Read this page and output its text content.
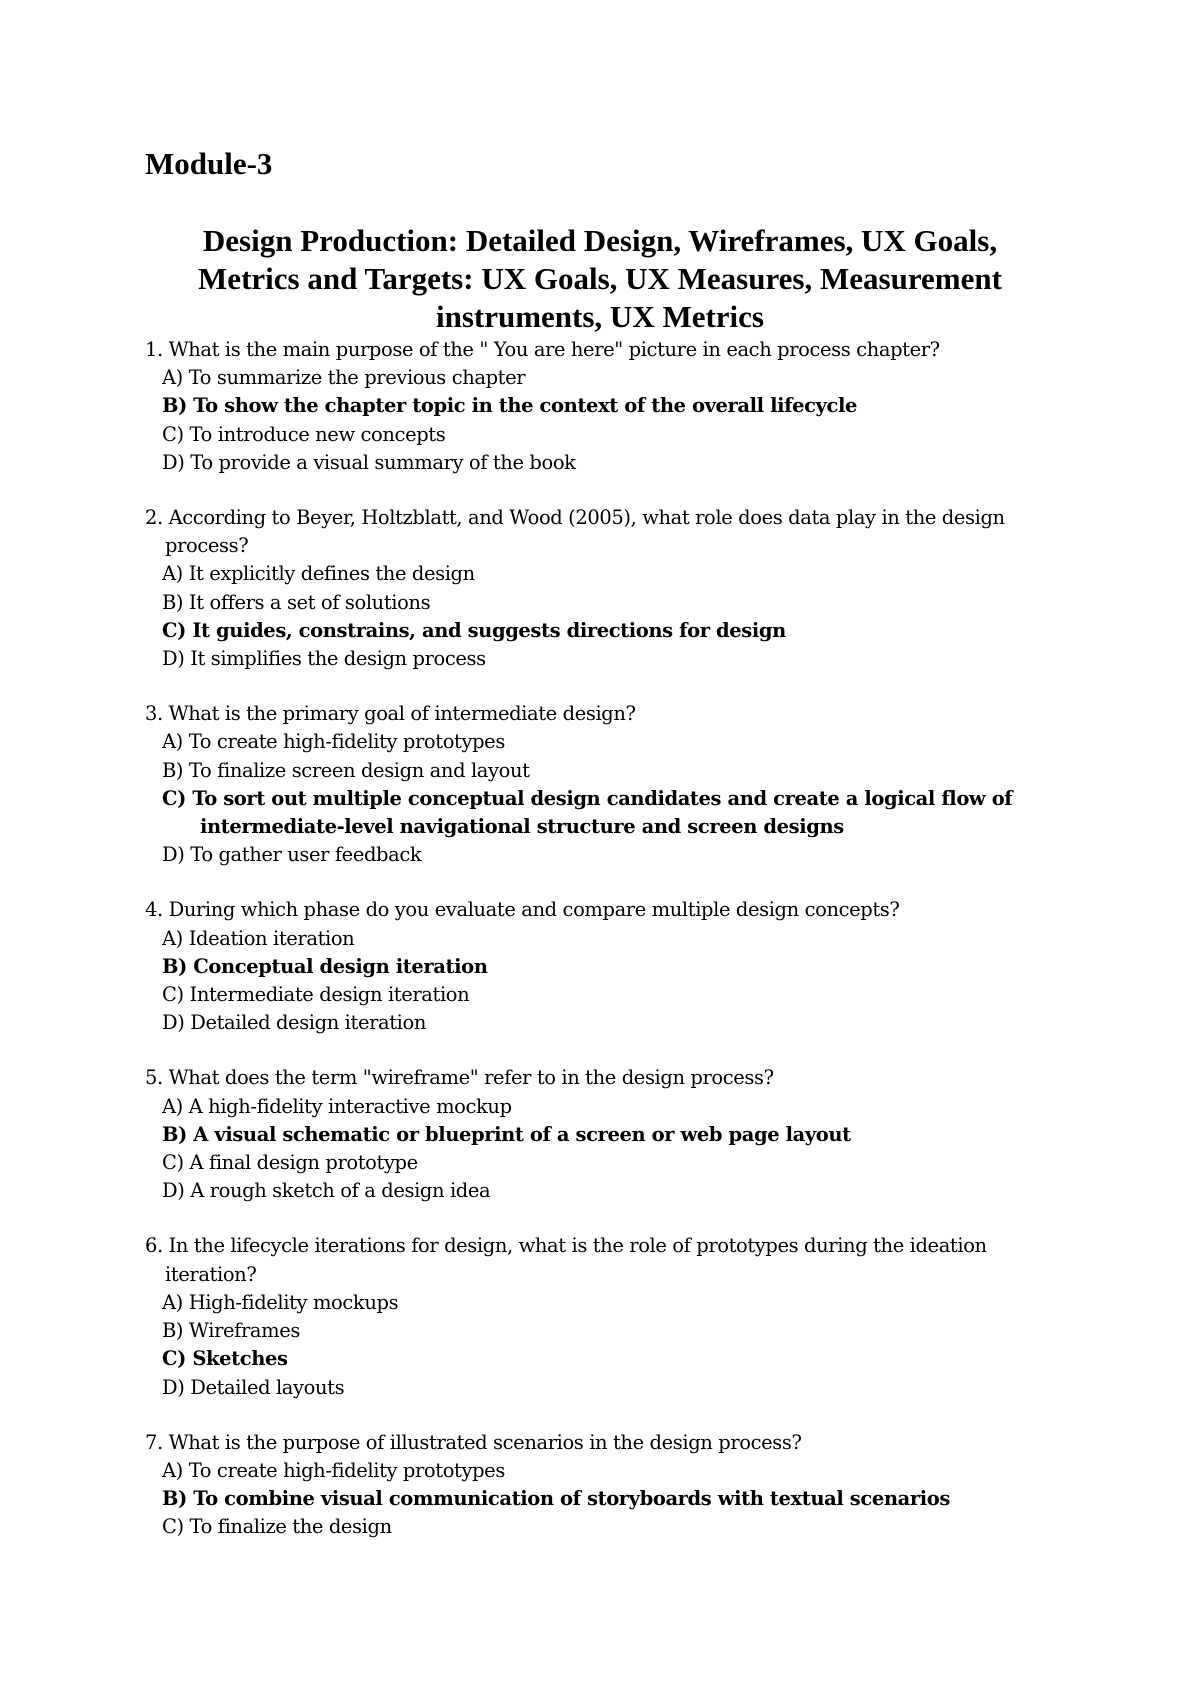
Module-3
Design Production: Detailed Design, Wireframes, UX Goals,
Metrics and Targets: UX Goals, UX Measures, Measurement
instruments, UX Metrics
1. What is the main purpose of the " You are here" picture in each process chapter?
A) To summarize the previous chapter
B) To show the chapter topic in the context of the overall lifecycle
C) To introduce new concepts
D) To provide a visual summary of the book
2. According to Beyer, Holtzblatt, and Wood (2005), what role does data play in the design process?
A) It explicitly defines the design
B) It offers a set of solutions
C) It guides, constrains, and suggests directions for design
D) It simplifies the design process
3. What is the primary goal of intermediate design?
A) To create high-fidelity prototypes
B) To finalize screen design and layout
C) To sort out multiple conceptual design candidates and create a logical flow of intermediate-level navigational structure and screen designs
D) To gather user feedback
4. During which phase do you evaluate and compare multiple design concepts?
A) Ideation iteration
B) Conceptual design iteration
C) Intermediate design iteration
D) Detailed design iteration
5. What does the term "wireframe" refer to in the design process?
A) A high-fidelity interactive mockup
B) A visual schematic or blueprint of a screen or web page layout
C) A final design prototype
D) A rough sketch of a design idea
6. In the lifecycle iterations for design, what is the role of prototypes during the ideation iteration?
A) High-fidelity mockups
B) Wireframes
C) Sketches
D) Detailed layouts
7. What is the purpose of illustrated scenarios in the design process?
A) To create high-fidelity prototypes
B) To combine visual communication of storyboards with textual scenarios
C) To finalize the design
